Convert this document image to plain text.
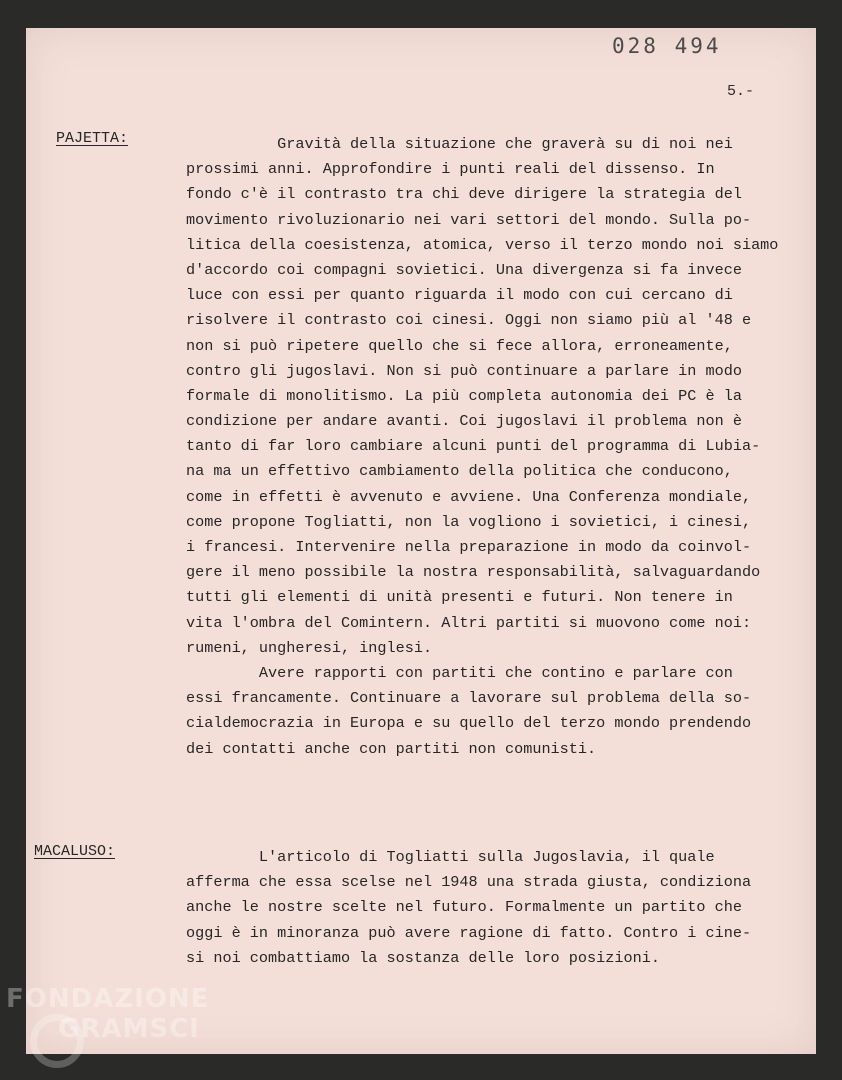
028 494
5.-
PAJETTA:	Gravità della situazione che graverà su di noi nei
prossimi anni. Approfondire i punti reali del dissenso. In
fondo c'è il contrasto tra chi deve dirigere la strategia del
movimento rivoluzionario nei vari settori del mondo. Sulla po-
litica della coesistenza, atomica, verso il terzo mondo noi siamo
d'accordo coi compagni sovietici. Una divergenza si fa invece
luce con essi per quanto riguarda il modo con cui cercano di
risolvere il contrasto coi cinesi. Oggi non siamo più al '48 e
non si può ripetere quello che si fece allora, erroneamente,
contro gli jugoslavi. Non si può continuare a parlare in modo
formale di monolitismo. La più completa autonomia dei PC è la
condizione per andare avanti. Coi jugoslavi il problema non è
tanto di far loro cambiare alcuni punti del programma di Lubia-
na ma un effettivo cambiamento della politica che conducono,
come in effetti è avvenuto e avviene. Una Conferenza mondiale,
come propone Togliatti, non la vogliono i sovietici, i cinesi,
i francesi. Intervenire nella preparazione in modo da coinvol-
gere il meno possibile la nostra responsabilità, salvaguardando
tutti gli elementi di unità presenti e futuri. Non tenere in
vita l'ombra del Comintern. Altri partiti si muovono come noi:
rumeni, ungheresi, inglesi.
Avere rapporti con partiti che contino e parlare con
essi francamente. Continuare a lavorare sul problema della so-
cialdemocrazia in Europa e su quello del terzo mondo prendendo
dei contatti anche con partiti non comunisti.
MACALUSO:	L'articolo di Togliatti sulla Jugoslavia, il quale
afferma che essa scelse nel 1948 una strada giusta, condiziona
anche le nostre scelte nel futuro. Formalmente un partito che
oggi è in minoranza può avere ragione di fatto. Contro i cine-
si noi combattiamo la sostanza delle loro posizioni.
FONDAZIONE
GRAMSCI
